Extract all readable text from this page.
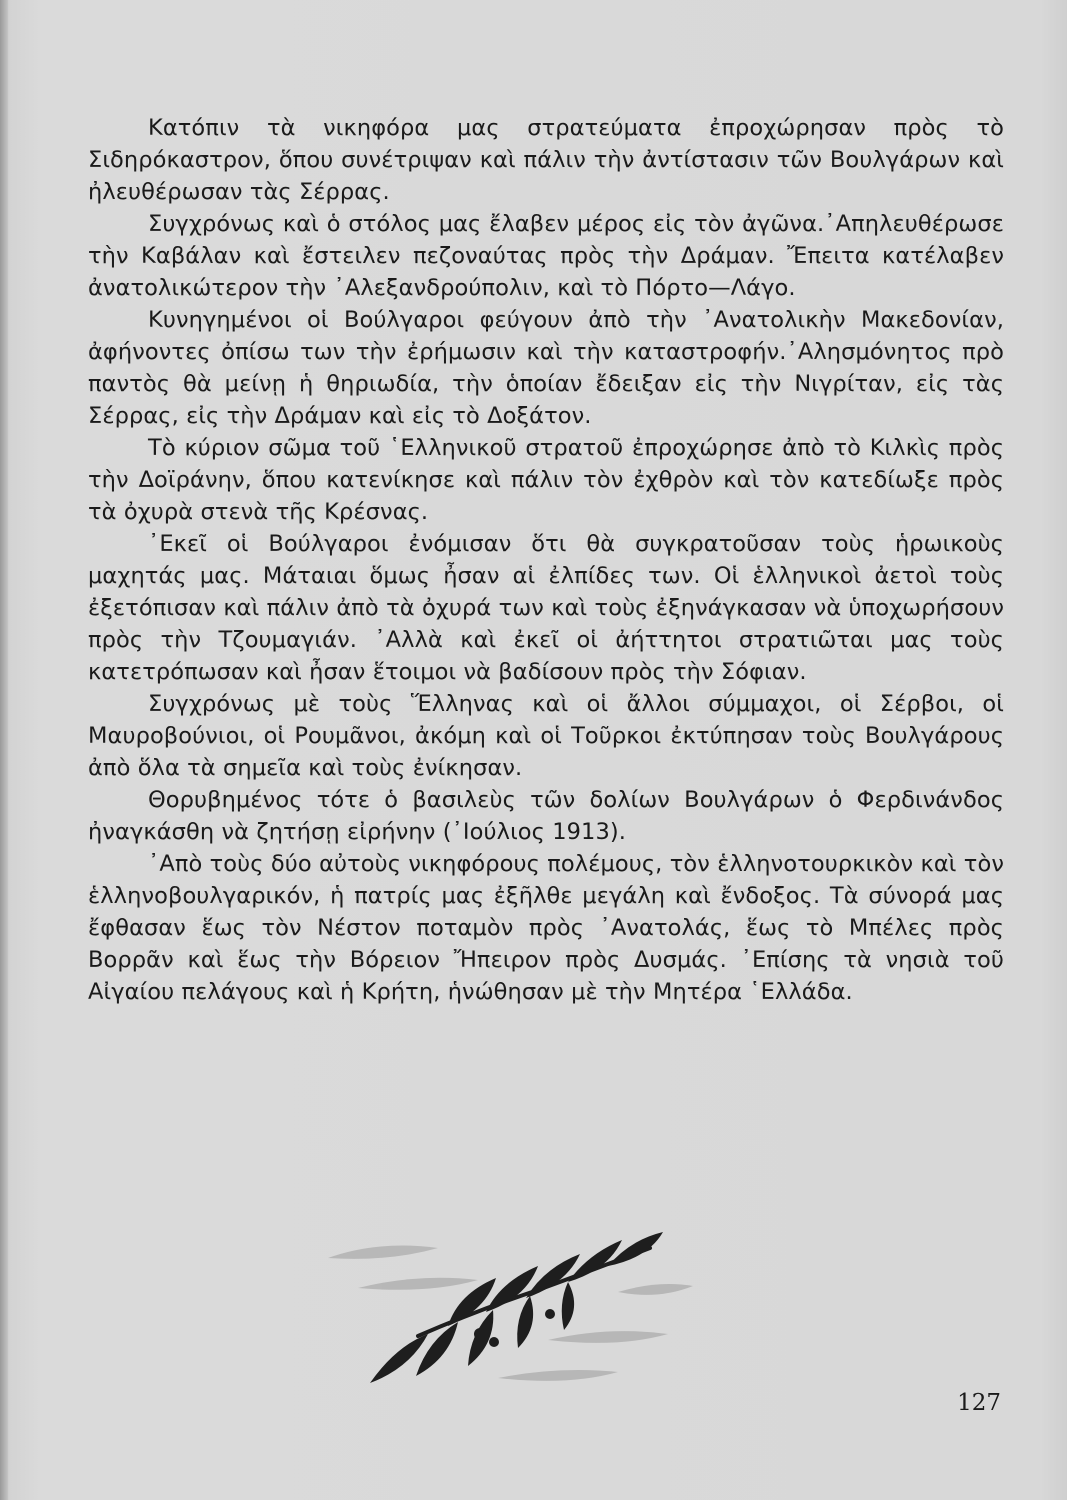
Κατόπιν τὰ νικηφόρα μας στρατεύματα ἐπροχώρησαν πρὸς τὸ Σιδηρόκαστρον, ὅπου συνέτριψαν καὶ πάλιν τὴν ἀντίστασιν τῶν Βουλγάρων καὶ ἠλευθέρωσαν τὰς Σέρρας.

Συγχρόνως καὶ ὁ στόλος μας ἔλαβεν μέρος εἰς τὸν ἀγῶνα.᾿Απηλευθέρωσε τὴν Καβάλαν καὶ ἔστειλεν πεζοναύτας πρὸς τὴν Δράμαν. Ἔπειτα κατέλαβεν ἀνατολικώτερον τὴν ᾿Αλεξανδρούπολιν, καὶ τὸ Πόρτο—Λάγο.

Κυνηγημένοι οἱ Βούλγαροι φεύγουν ἀπὸ τὴν ᾿Ανατολικὴν Μακεδονίαν, ἀφήνοντες ὀπίσω των τὴν ἐρήμωσιν καὶ τὴν καταστροφήν.᾿Αλησμόνητος πρὸ παντὸς θὰ μείνῃ ἡ θηριωδία, τὴν ὁποίαν ἔδειξαν εἰς τὴν Νιγρίταν, εἰς τὰς Σέρρας, εἰς τὴν Δράμαν καὶ εἰς τὸ Δοξάτον.

Τὸ κύριον σῶμα τοῦ ῾Ελληνικοῦ στρατοῦ ἐπροχώρησε ἀπὸ τὸ Κιλκὶς πρὸς τὴν Δοϊράνην, ὅπου κατενίκησε καὶ πάλιν τὸν ἐχθρὸν καὶ τὸν κατεδίωξε πρὸς τὰ ὀχυρὰ στενὰ τῆς Κρέσνας.

᾿Εκεῖ οἱ Βούλγαροι ἐνόμισαν ὅτι θὰ συγκρατοῦσαν τοὺς ἡρωικοὺς μαχητάς μας. Μάταιαι ὅμως ἦσαν αἱ ἐλπίδες των. Οἱ ἑλληνικοὶ ἀετοὶ τοὺς ἐξετόπισαν καὶ πάλιν ἀπὸ τὰ ὀχυρά των καὶ τοὺς ἐξηνάγκασαν νὰ ὑποχωρήσουν πρὸς τὴν Τζουμαγιάν. ᾿Αλλὰ καὶ ἐκεῖ οἱ ἀήττητοι στρατιῶται μας τοὺς κατετρόπωσαν καὶ ἦσαν ἕτοιμοι νὰ βαδίσουν πρὸς τὴν Σόφιαν.

Συγχρόνως μὲ τοὺς Ἕλληνας καὶ οἱ ἄλλοι σύμμαχοι, οἱ Σέρβοι, οἱ Μαυροβούνιοι, οἱ Ρουμᾶνοι, ἀκόμη καὶ οἱ Τοῦρκοι ἐκτύπησαν τοὺς Βουλγάρους ἀπὸ ὅλα τὰ σημεῖα καὶ τοὺς ἐνίκησαν.

Θορυβημένος τότε ὁ βασιλεὺς τῶν δολίων Βουλγάρων ὁ Φερδινάνδος ἠναγκάσθη νὰ ζητήσῃ εἰρήνην (᾿Ιούλιος 1913).

᾿Απὸ τοὺς δύο αὐτοὺς νικηφόρους πολέμους, τὸν ἑλληνοτουρκικὸν καὶ τὸν ἑλληνοβουλγαρικόν, ἡ πατρίς μας ἐξῆλθε μεγάλη καὶ ἔνδοξος. Τὰ σύνορά μας ἔφθασαν ἕως τὸν Νέστον ποταμὸν πρὸς ᾿Ανατολάς, ἕως τὸ Μπέλες πρὸς Βορρᾶν καὶ ἕως τὴν Βόρειον Ἤπειρον πρὸς Δυσμάς. ᾿Επίσης τὰ νησιὰ τοῦ Αἰγαίου πελάγους καὶ ἡ Κρήτη, ἡνώθησαν μὲ τὴν Μητέρα ῾Ελλάδα.

127
